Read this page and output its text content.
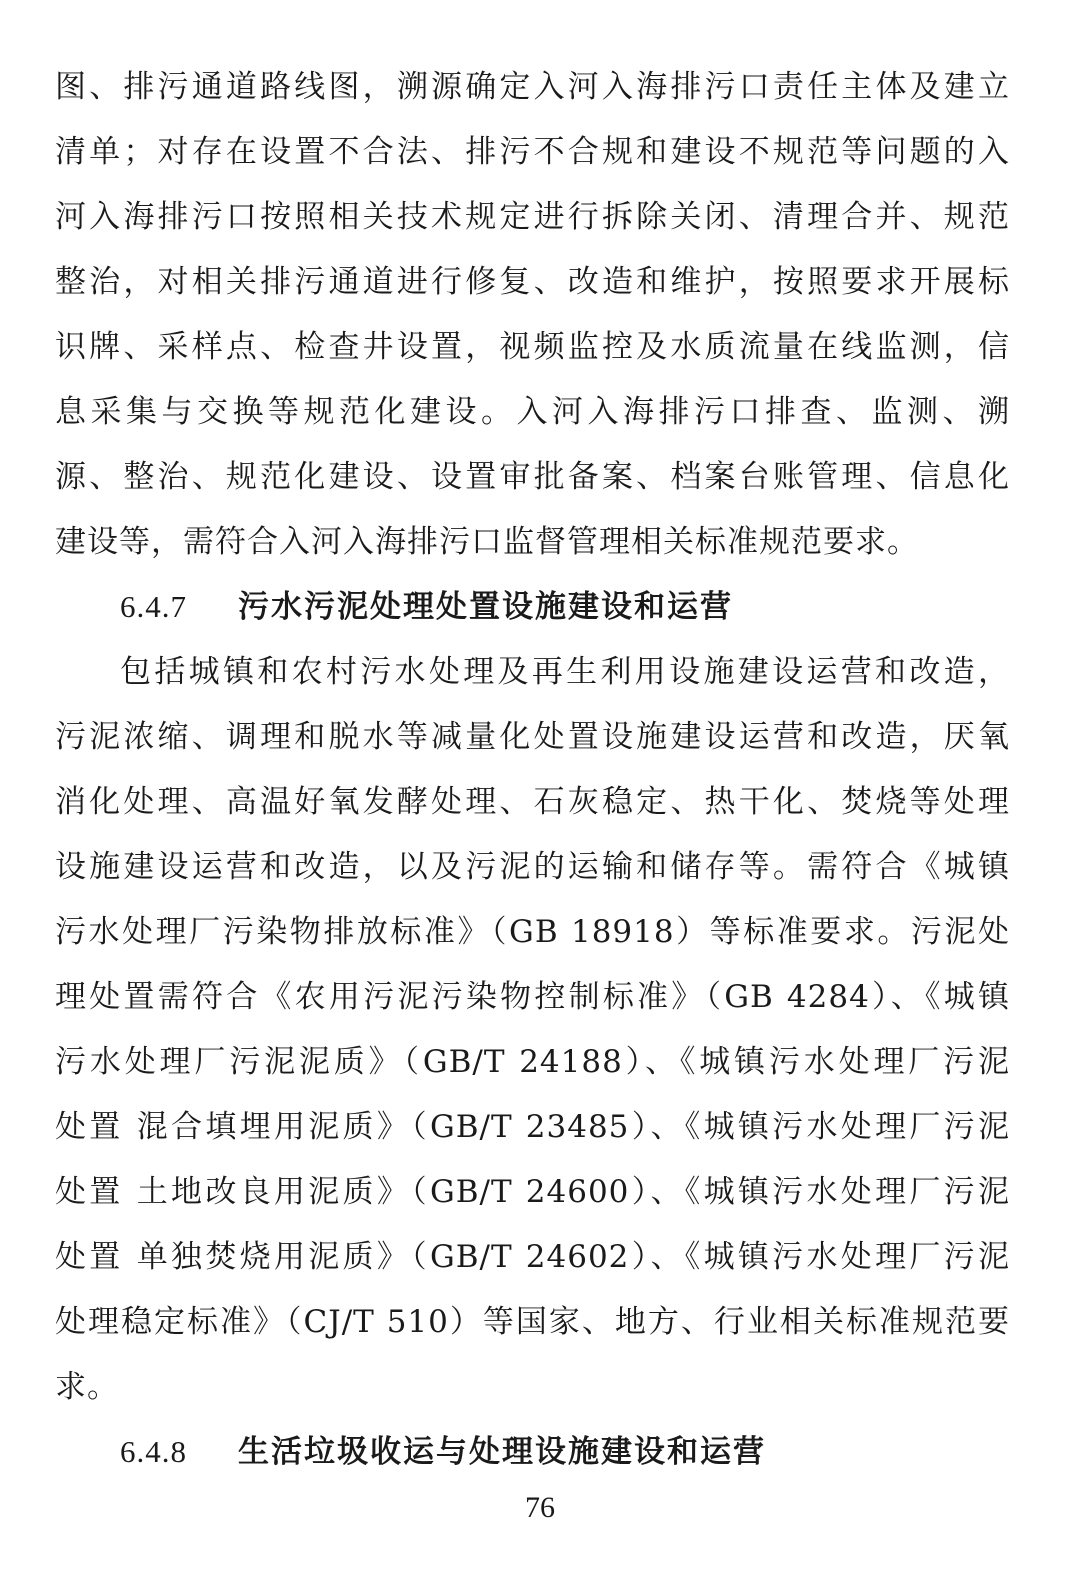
图、排污通道路线图，溯源确定入河入海排污口责任主体及建立
清单；对存在设置不合法、排污不合规和建设不规范等问题的入
河入海排污口按照相关技术规定进行拆除关闭、清理合并、规范
整治，对相关排污通道进行修复、改造和维护，按照要求开展标
识牌、采样点、检查井设置，视频监控及水质流量在线监测，信
息采集与交换等规范化建设。入河入海排污口排查、监测、溯
源、整治、规范化建设、设置审批备案、档案台账管理、信息化
建设等，需符合入河入海排污口监督管理相关标准规范要求。
6.4.7 污水污泥处理处置设施建设和运营
包括城镇和农村污水处理及再生利用设施建设运营和改造，
污泥浓缩、调理和脱水等减量化处置设施建设运营和改造，厌氧
消化处理、高温好氧发酵处理、石灰稳定、热干化、焚烧等处理
设施建设运营和改造，以及污泥的运输和储存等。需符合《城镇
污水处理厂污染物排放标准》（GB 18918）等标准要求。污泥处
理处置需符合《农用污泥污染物控制标准》（GB 4284）、《城镇
污水处理厂污泥泥质》（GB/T 24188）、《城镇污水处理厂污泥
处置 混合填埋用泥质》（GB/T 23485）、《城镇污水处理厂污泥
处置 土地改良用泥质》（GB/T 24600）、《城镇污水处理厂污泥
处置 单独焚烧用泥质》（GB/T 24602）、《城镇污水处理厂污泥
处理稳定标准》（CJ/T 510）等国家、地方、行业相关标准规范要
求。
6.4.8 生活垃圾收运与处理设施建设和运营
76
